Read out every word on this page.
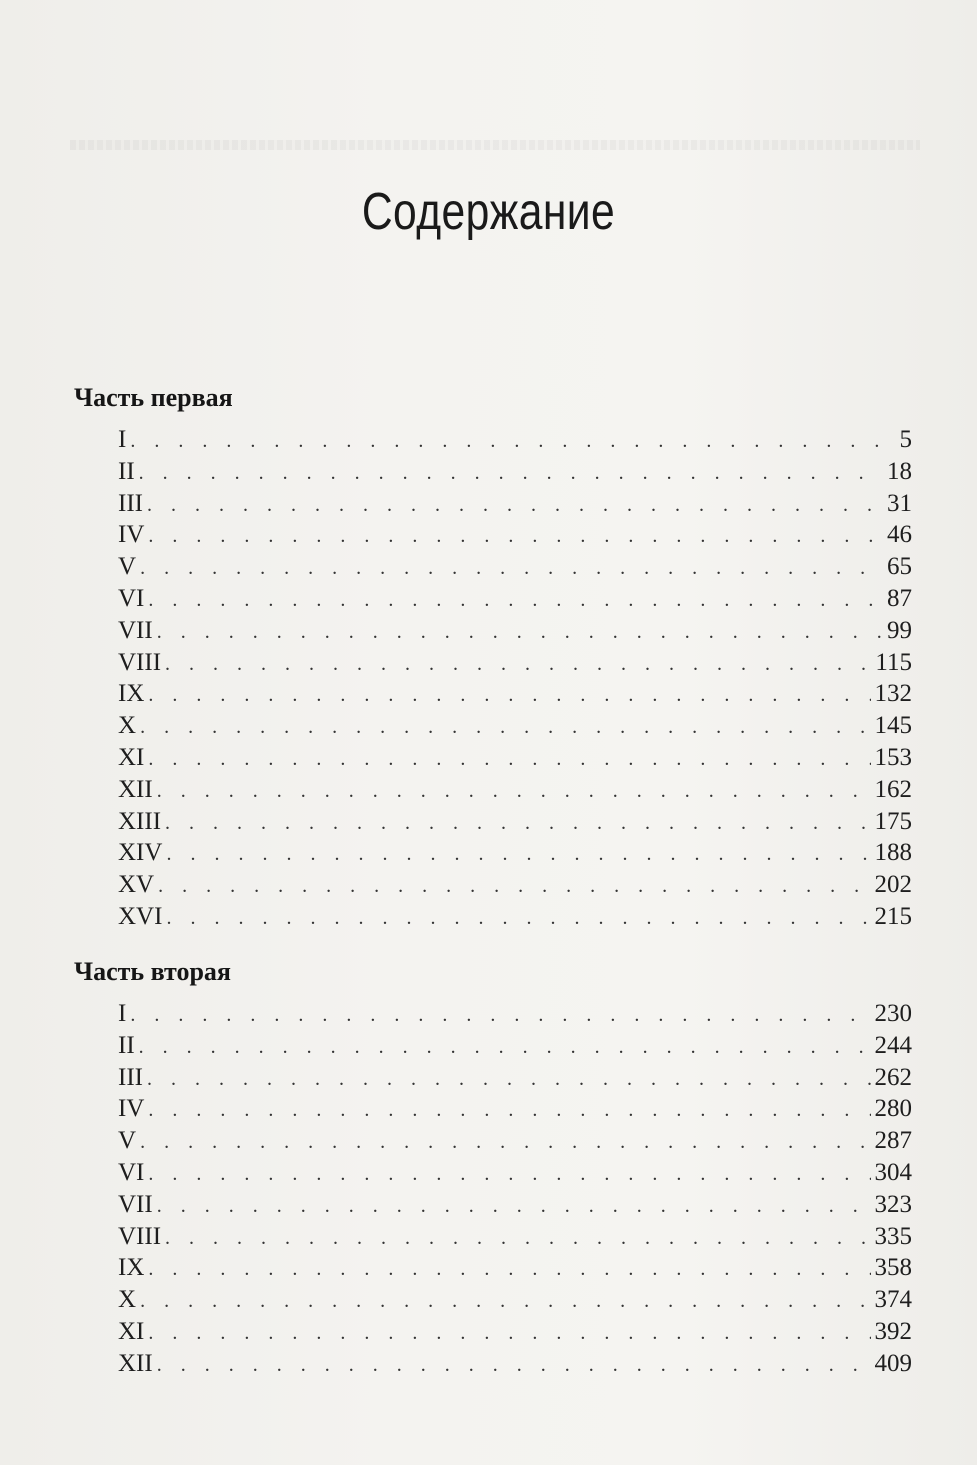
Содержание
Часть первая
I . . .	5
II . . .	18
III . . .	31
IV . . .	46
V . . .	65
VI . . .	87
VII . . .	99
VIII . . .	115
IX . . .	132
X . . .	145
XI . . .	153
XII . . .	162
XIII . . .	175
XIV . . .	188
XV . . .	202
XVI . . .	215
Часть вторая
I . . .	230
II . . .	244
III . . .	262
IV . . .	280
V . . .	287
VI . . .	304
VII . . .	323
VIII . . .	335
IX . . .	358
X . . .	374
XI . . .	392
XII . . .	409
